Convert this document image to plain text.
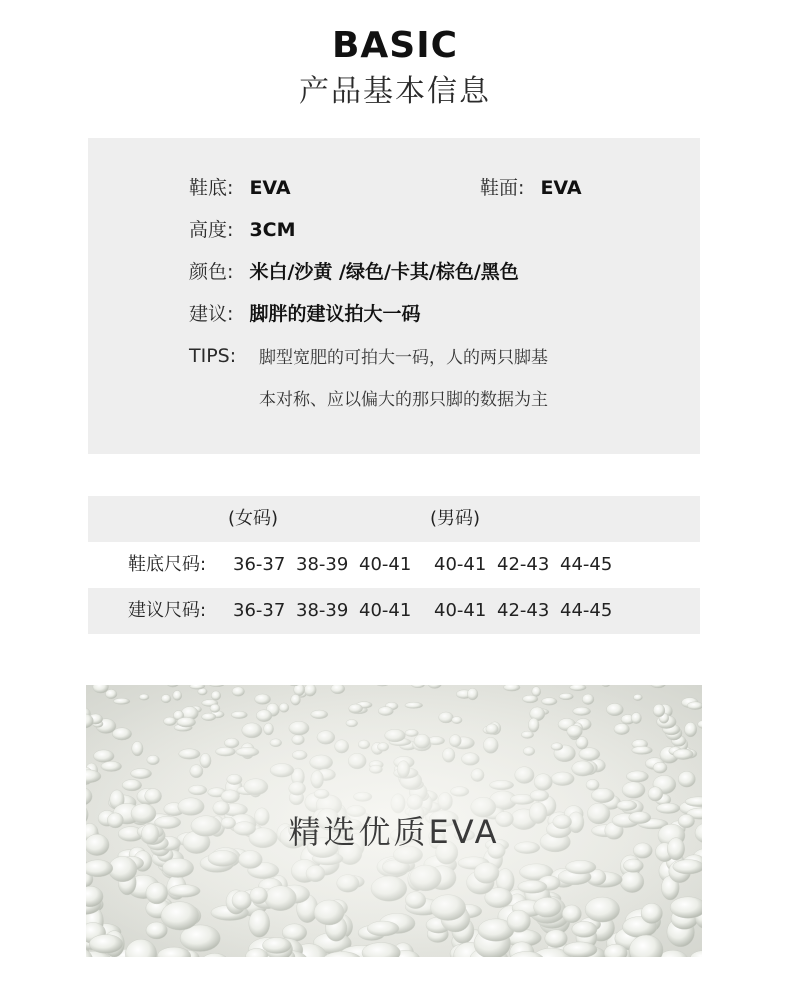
BASIC
产品基本信息
鞋底: EVA	鞋面: EVA
高度: 3CM
颜色: 米白/沙黄 /绿色/卡其/棕色/黑色
建议: 脚胖的建议拍大一码
TIPS: 脚型宽肥的可拍大一码，人的两只脚基
本对称、应以偏大的那只脚的数据为主
(女码)	(男码)
鞋底尺码: 36-37 38-39 40-41 40-41 42-43 44-45
建议尺码: 36-37 38-39 40-41 40-41 42-43 44-45
精选优质EVA
